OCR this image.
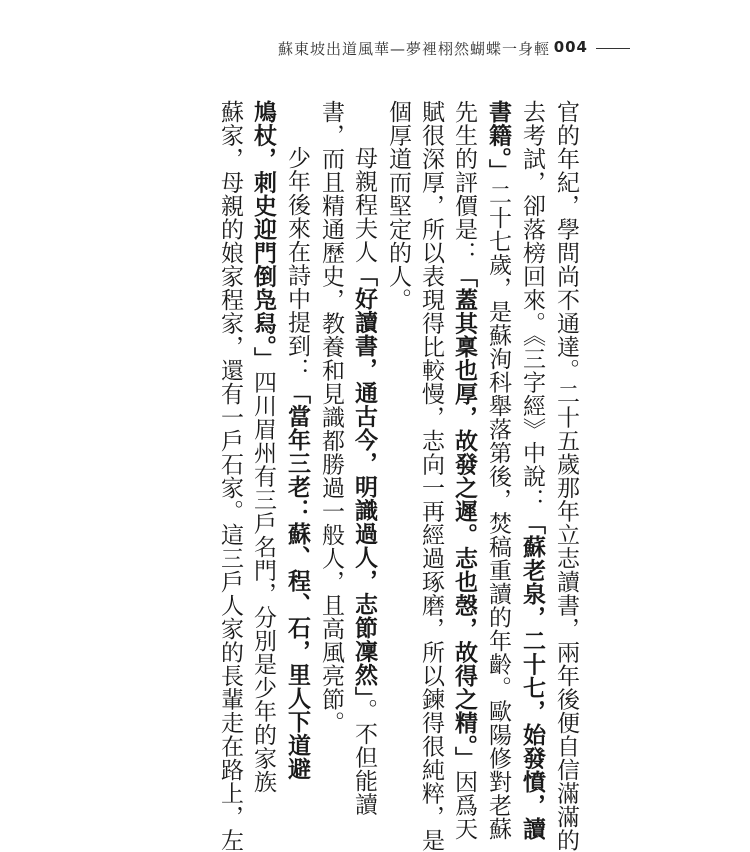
蘇東坡出道風華—夢裡栩然蝴蝶一身輕 004
官的年紀，學問尚不通達。二十五歲那年立志讀書，兩年後便自信滿滿的
去考試，卻落榜回來。《三字經》中說：「蘇老泉，二十七，始發憤，讀
書籍。」二十七歲，是蘇洵科舉落第後，焚稿重讀的年齡。歐陽修對老蘇
先生的評價是：「蓋其稟也厚，故發之遲。志也愨，故得之精。」因爲天
賦很深厚，所以表現得比較慢，志向一再經過琢磨，所以鍊得很純粹，是
個厚道而堅定的人。
母親程夫人「好讀書，通古今，明識過人，志節凜然」。不但能讀
書，而且精通歷史，教養和見識都勝過一般人，且高風亮節。
少年後來在詩中提到：「當年三老：蘇、程、石，里人下道避
鳩杖，刺史迎門倒凫舄。」四川眉州有三戶名門，分別是少年的家族
蘇家，母親的娘家程家，還有一戶石家。這三戶人家的長輩走在路上，左
